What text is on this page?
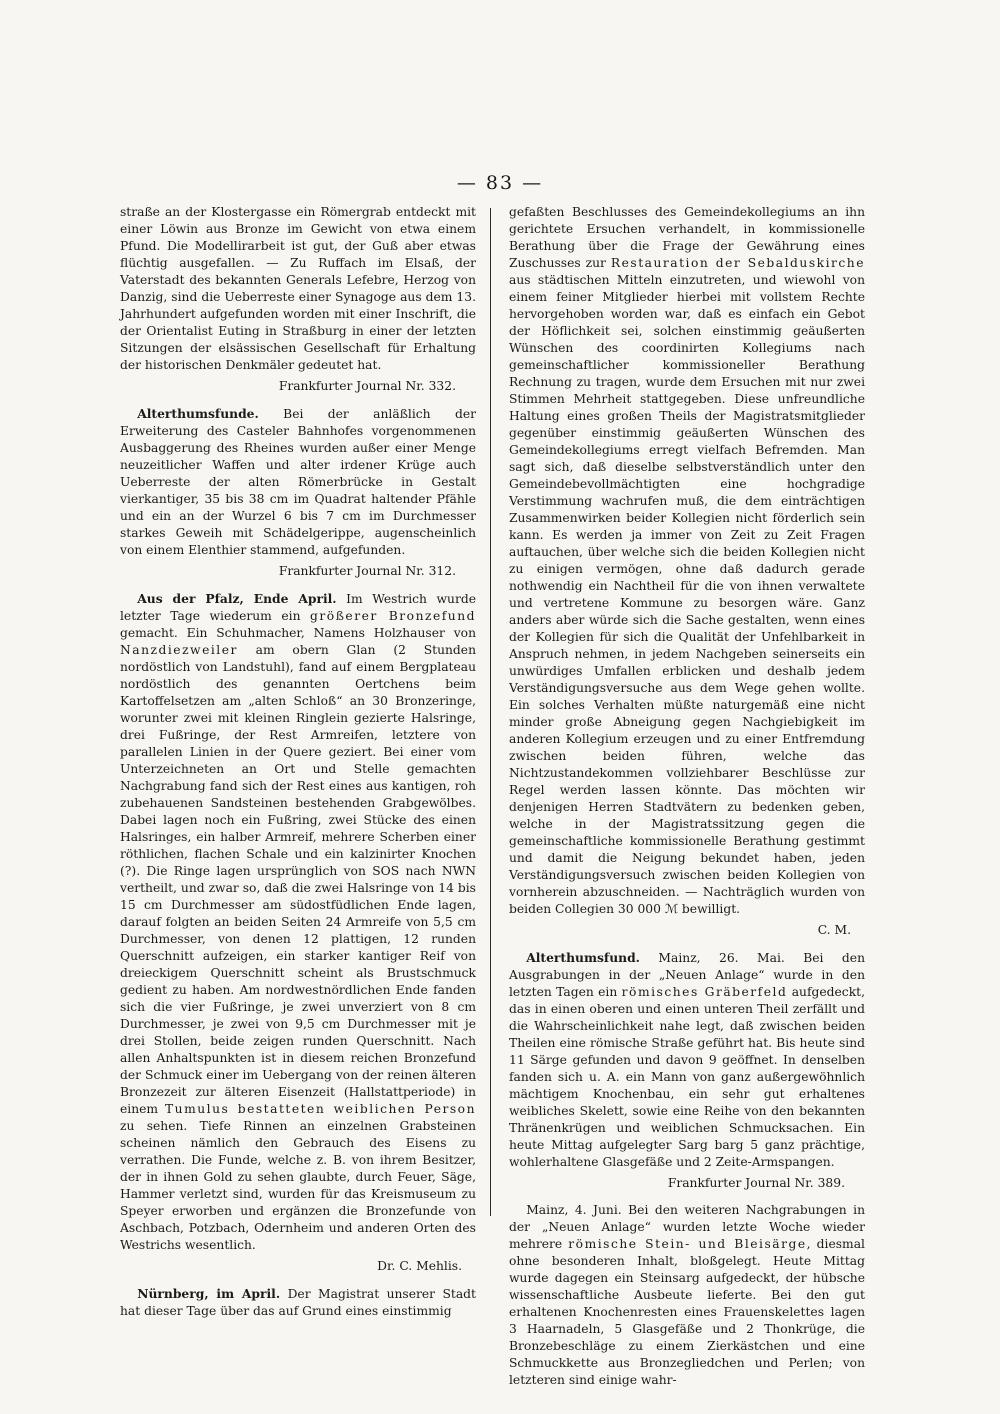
— 83 —

straße an der Klostergasse ein Römergrab entdeckt mit einer Löwin aus Bronze im Gewicht von etwa einem Pfund. Die Modellirarbeit ist gut, der Guß aber etwas flüchtig ausgefallen. — Zu Ruffach im Elsaß, der Vaterstadt des bekannten Generals Lefebre, Herzog von Danzig, sind die Ueberreste einer Synagoge aus dem 13. Jahrhundert aufgefunden worden mit einer Inschrift, die der Orientalist Euting in Straßburg in einer der letzten Sitzungen der elsässischen Gesellschaft für Erhaltung der historischen Denkmäler gedeutet hat.

Frankfurter Journal Nr. 332.

Alterthumsfunde. Bei der anläßlich der Erweiterung des Casteler Bahnhofes vorgenommenen Ausbaggerung des Rheines wurden außer einer Menge neuzeitlicher Waffen und alter irdener Krüge auch Ueberreste der alten Römerbrücke in Gestalt vierkantiger, 35 bis 38 cm im Quadrat haltender Pfähle und ein an der Wurzel 6 bis 7 cm im Durchmesser starkes Geweih mit Schädelgerippe, augenscheinlich von einem Elenthier stammend, aufgefunden.

Frankfurter Journal Nr. 312.

Aus der Pfalz, Ende April. Im Westrich wurde letzter Tage wiederum ein größerer Bronzefund gemacht. Ein Schuhmacher, Namens Holzhauser von Nanzdiezweiler am obern Glan (2 Stunden nordöstlich von Landstuhl), fand auf einem Bergplateau nordöstlich des genannten Oertchens beim Kartoffelsetzen am „alten Schloß“ an 30 Bronzeringe, worunter zwei mit kleinen Ringlein gezierte Halsringe, drei Fußringe, der Rest Armreifen, letztere von parallelen Linien in der Quere geziert. Bei einer vom Unterzeichneten an Ort und Stelle gemachten Nachgrabung fand sich der Rest eines aus kantigen, roh zubehauenen Sandsteinen bestehenden Grabgewölbes. Dabei lagen noch ein Fußring, zwei Stücke des einen Halsringes, ein halber Armreif, mehrere Scherben einer röthlichen, flachen Schale und ein kalzinirter Knochen (?). Die Ringe lagen ursprünglich von SOS nach NWN vertheilt, und zwar so, daß die zwei Halsringe von 14 bis 15 cm Durchmesser am südostfüdlichen Ende lagen, darauf folgten an beiden Seiten 24 Armreife von 5,5 cm Durchmesser, von denen 12 plattigen, 12 runden Querschnitt aufzeigen, ein starker kantiger Reif von dreieckigem Querschnitt scheint als Brustschmuck gedient zu haben. Am nordwestnördlichen Ende fanden sich die vier Fußringe, je zwei unverziert von 8 cm Durchmesser, je zwei von 9,5 cm Durchmesser mit je drei Stollen, beide zeigen runden Querschnitt. Nach allen Anhaltspunkten ist in diesem reichen Bronzefund der Schmuck einer im Uebergang von der reinen älteren Bronzezeit zur älteren Eisenzeit (Hallstattperiode) in einem Tumulus bestatteten weiblichen Person zu sehen. Tiefe Rinnen an einzelnen Grabsteinen scheinen nämlich den Gebrauch des Eisens zu verrathen. Die Funde, welche z. B. von ihrem Besitzer, der in ihnen Gold zu sehen glaubte, durch Feuer, Säge, Hammer verletzt sind, wurden für das Kreismuseum zu Speyer erworben und ergänzen die Bronzefunde von Aschbach, Potzbach, Odernheim und anderen Orten des Westrichs wesentlich.

Dr. C. Mehlis.

Nürnberg, im April. Der Magistrat unserer Stadt hat dieser Tage über das auf Grund eines einstimmig

gefaßten Beschlusses des Gemeindekollegiums an ihn gerichtete Ersuchen verhandelt, in kommissionelle Berathung über die Frage der Gewährung eines Zuschusses zur Restauration der Sebalduskirche aus städtischen Mitteln einzutreten, und wiewohl von einem feiner Mitglieder hierbei mit vollstem Rechte hervorgehoben worden war, daß es einfach ein Gebot der Höflichkeit sei, solchen einstimmig geäußerten Wünschen des coordinirten Kollegiums nach gemeinschaftlicher kommissioneller Berathung Rechnung zu tragen, wurde dem Ersuchen mit nur zwei Stimmen Mehrheit stattgegeben. Diese unfreundliche Haltung eines großen Theils der Magistratsmitglieder gegenüber einstimmig geäußerten Wünschen des Gemeindekollegiums erregt vielfach Befremden. Man sagt sich, daß dieselbe selbstverständlich unter den Gemeindebevollmächtigten eine hochgradige Verstimmung wachrufen muß, die dem einträchtigen Zusammenwirken beider Kollegien nicht förderlich sein kann. Es werden ja immer von Zeit zu Zeit Fragen auftauchen, über welche sich die beiden Kollegien nicht zu einigen vermögen, ohne daß dadurch gerade nothwendig ein Nachtheil für die von ihnen verwaltete und vertretene Kommune zu besorgen wäre. Ganz anders aber würde sich die Sache gestalten, wenn eines der Kollegien für sich die Qualität der Unfehlbarkeit in Anspruch nehmen, in jedem Nachgeben seinerseits ein unwürdiges Umfallen erblicken und deshalb jedem Verständigungsversuche aus dem Wege gehen wollte. Ein solches Verhalten müßte naturgemäß eine nicht minder große Abneigung gegen Nachgiebigkeit im anderen Kollegium erzeugen und zu einer Entfremdung zwischen beiden führen, welche das Nichtzustandekommen vollziehbarer Beschlüsse zur Regel werden lassen könnte. Das möchten wir denjenigen Herren Stadtvätern zu bedenken geben, welche in der Magistratssitzung gegen die gemeinschaftliche kommissionelle Berathung gestimmt und damit die Neigung bekundet haben, jeden Verständigungsversuch zwischen beiden Kollegien von vornherein abzuschneiden. — Nachträglich wurden von beiden Collegien 30 000 ℳ bewilligt.

C. M.

Alterthumsfund. Mainz, 26. Mai. Bei den Ausgrabungen in der „Neuen Anlage“ wurde in den letzten Tagen ein römisches Gräberfeld aufgedeckt, das in einen oberen und einen unteren Theil zerfällt und die Wahrscheinlichkeit nahe legt, daß zwischen beiden Theilen eine römische Straße geführt hat. Bis heute sind 11 Särge gefunden und davon 9 geöffnet. In denselben fanden sich u. A. ein Mann von ganz außergewöhnlich mächtigem Knochenbau, ein sehr gut erhaltenes weibliches Skelett, sowie eine Reihe von den bekannten Thränenkrügen und weiblichen Schmucksachen. Ein heute Mittag aufgelegter Sarg barg 5 ganz prächtige, wohlerhaltene Glasgefäße und 2 Zeite-Armspangen.

Frankfurter Journal Nr. 389.

Mainz, 4. Juni. Bei den weiteren Nachgrabungen in der „Neuen Anlage“ wurden letzte Woche wieder mehrere römische Stein- und Bleisärge, diesmal ohne besonderen Inhalt, bloßgelegt. Heute Mittag wurde dagegen ein Steinsarg aufgedeckt, der hübsche wissenschaftliche Ausbeute lieferte. Bei den gut erhaltenen Knochenresten eines Frauenskelettes lagen 3 Haarnadeln, 5 Glasgefäße und 2 Thonkrüge, die Bronzebeschläge zu einem Zierkästchen und eine Schmuckkette aus Bronzegliedchen und Perlen; von letzteren sind einige wahr-
